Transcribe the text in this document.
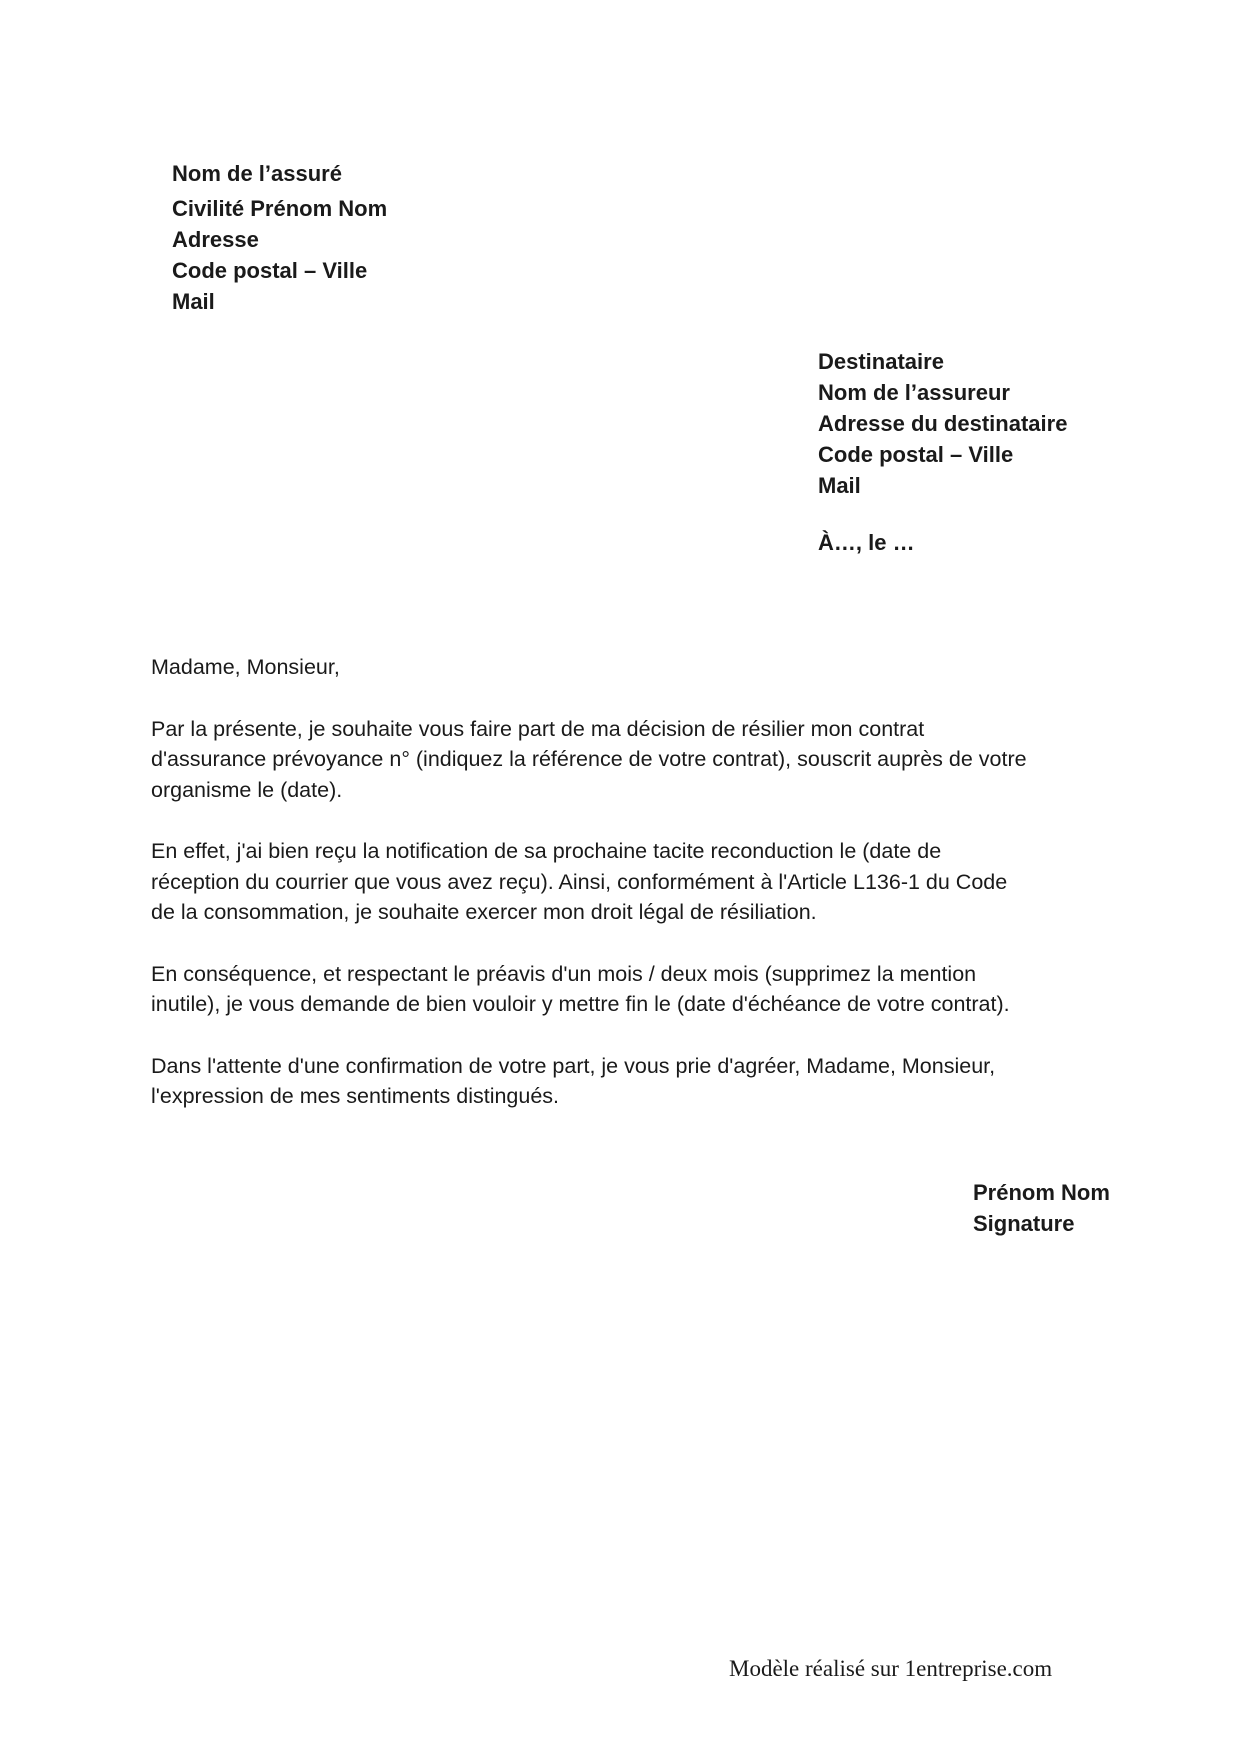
Nom de l’assuré
Civilité Prénom Nom
Adresse
Code postal – Ville
Mail
Destinataire
Nom de l’assureur
Adresse du destinataire
Code postal – Ville
Mail
À…, le …

Madame, Monsieur,

Par la présente, je souhaite vous faire part de ma décision de résilier mon contrat
d'assurance prévoyance n° (indiquez la référence de votre contrat), souscrit auprès de votre
organisme le (date).

En effet, j'ai bien reçu la notification de sa prochaine tacite reconduction le (date de
réception du courrier que vous avez reçu). Ainsi, conformément à l'Article L136-1 du Code
de la consommation, je souhaite exercer mon droit légal de résiliation.

En conséquence, et respectant le préavis d'un mois / deux mois (supprimez la mention
inutile), je vous demande de bien vouloir y mettre fin le (date d'échéance de votre contrat).

Dans l'attente d'une confirmation de votre part, je vous prie d'agréer, Madame, Monsieur,
l'expression de mes sentiments distingués.

Prénom Nom
Signature
Modèle réalisé sur 1entreprise.com
